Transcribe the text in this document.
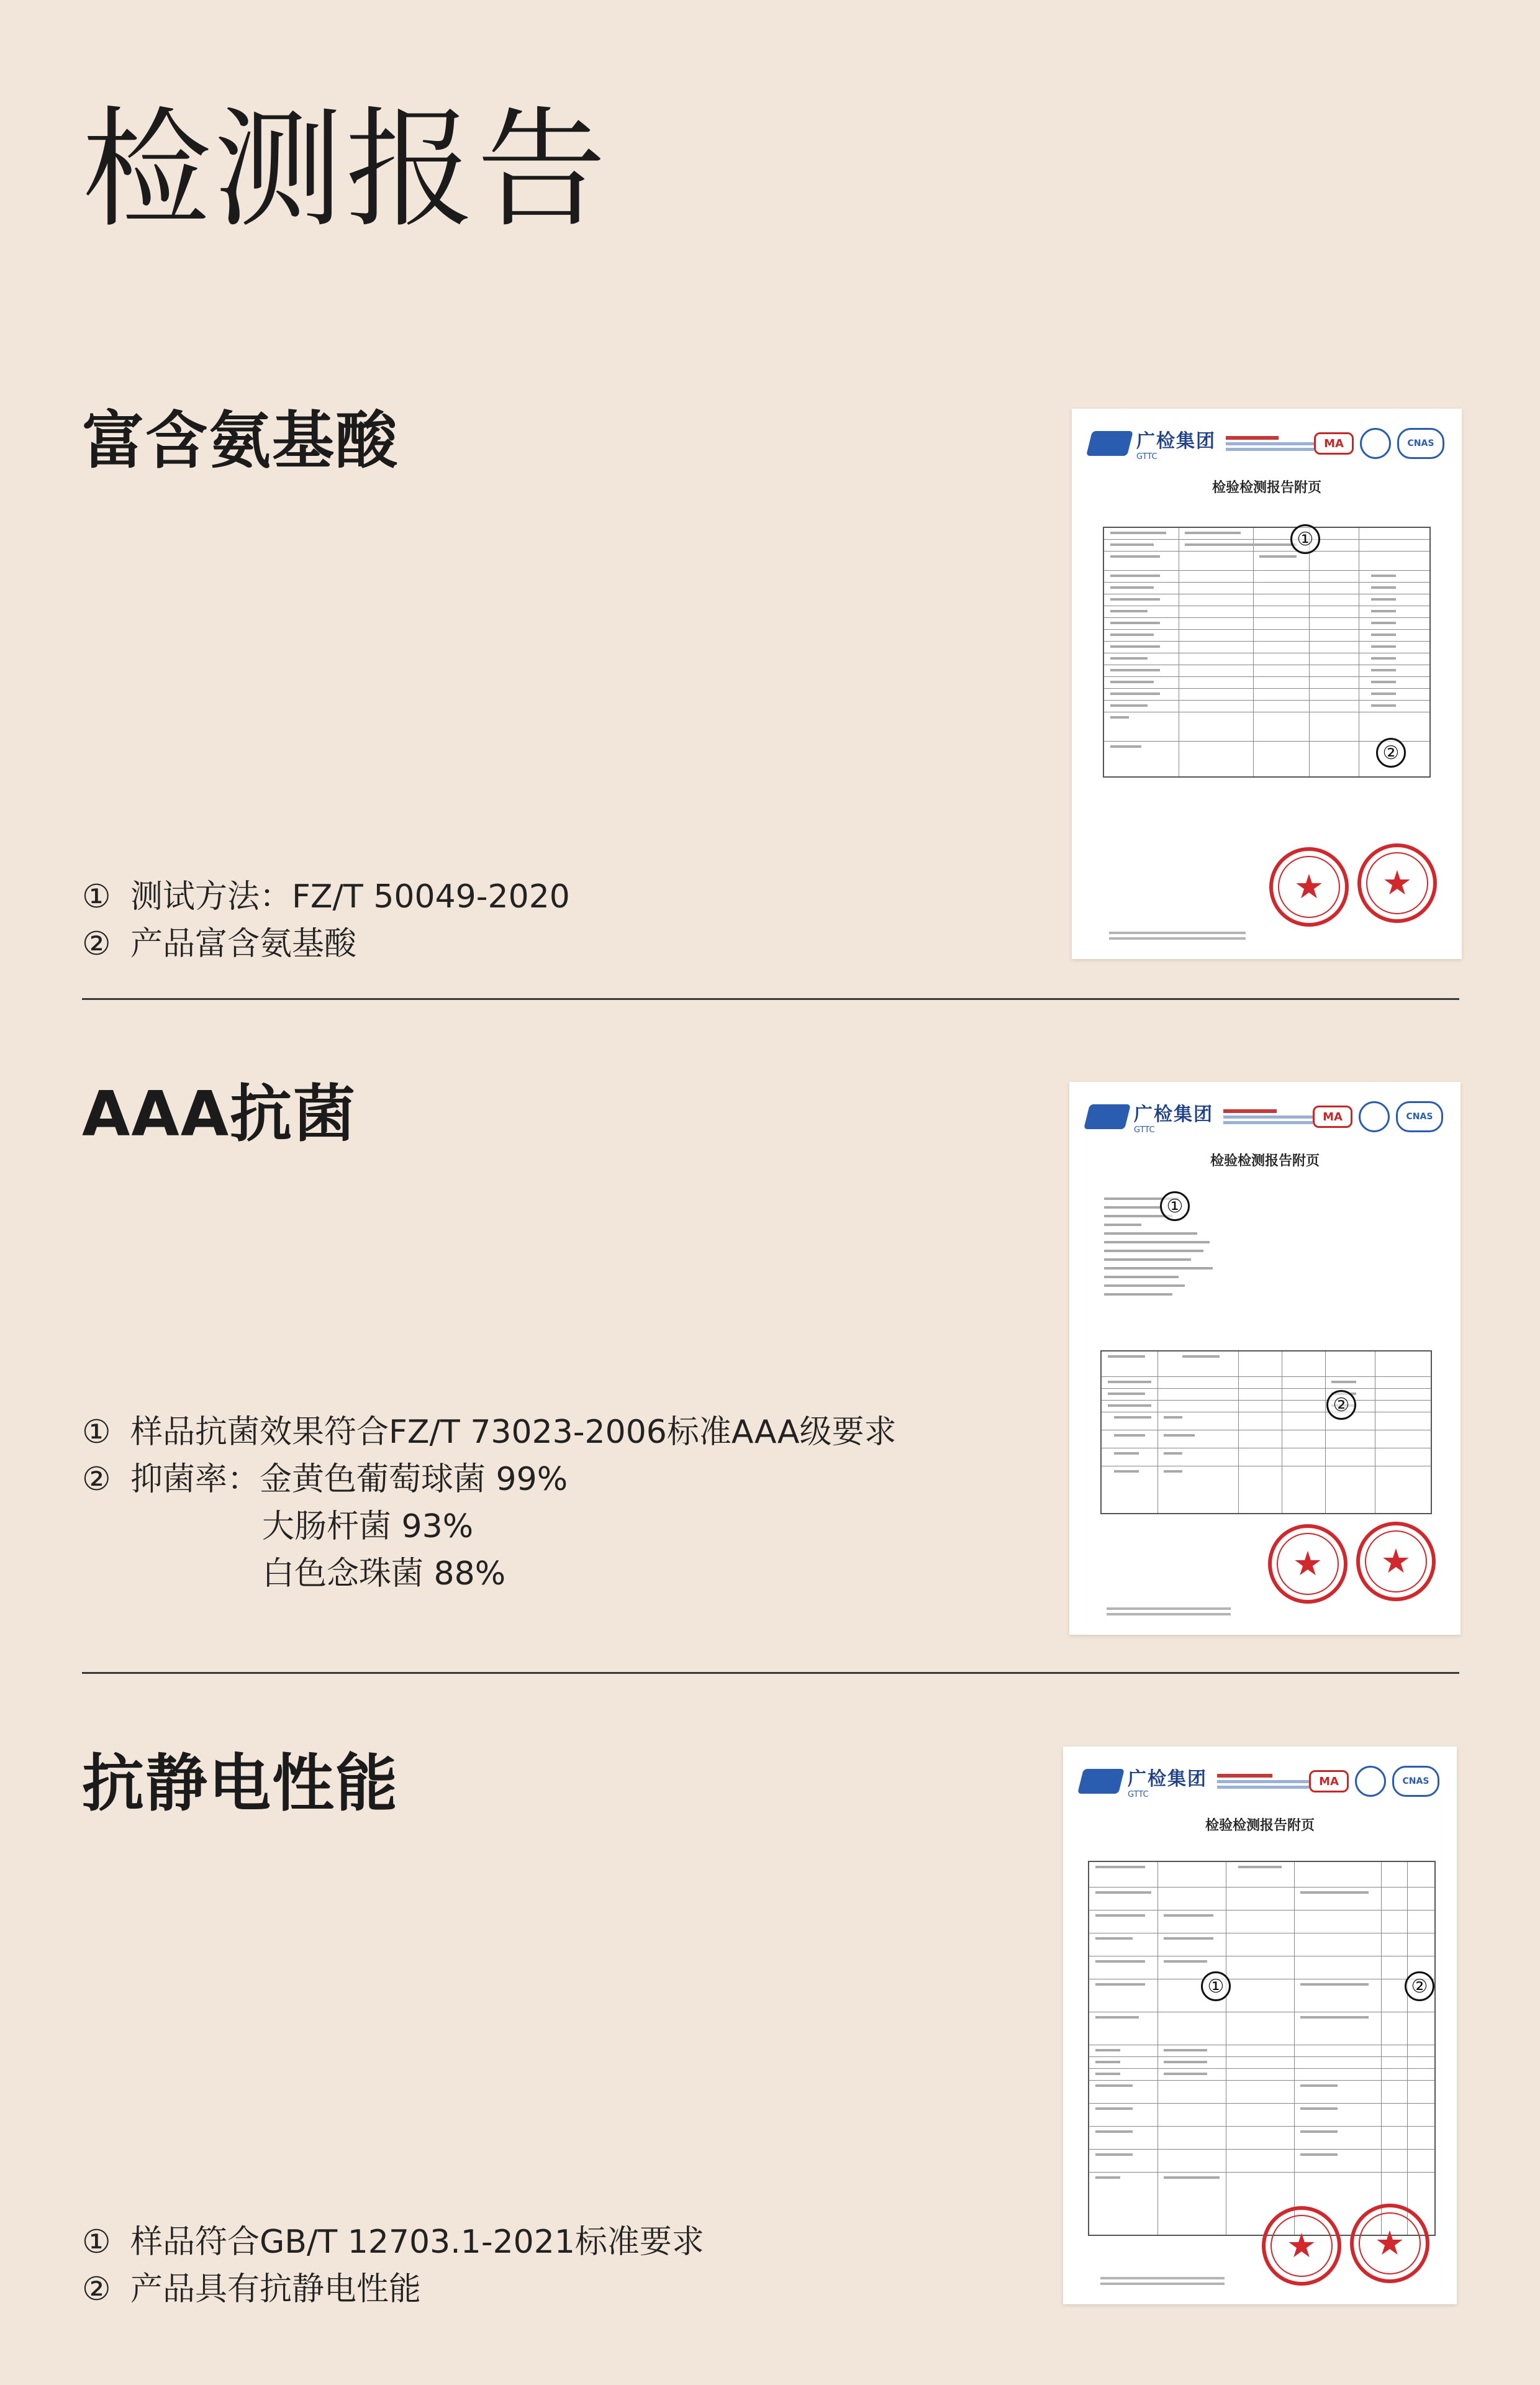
检测报告
富含氨基酸
① 测试方法：FZ/T 50049-2020
② 产品富含氨基酸
广检集团
GTTC
MA	CNAS
检验检测报告附页
①
②
★ ★
AAA抗菌
① 样品抗菌效果符合FZ/T 73023-2006标准AAA级要求
② 抑菌率：金黄色葡萄球菌 99%
大肠杆菌 93%
白色念珠菌 88%
广检集团
GTTC
MA	CNAS
检验检测报告附页
①
②
★ ★
抗静电性能
① 样品符合GB/T 12703.1-2021标准要求
② 产品具有抗静电性能
广检集团
GTTC
MA	CNAS
检验检测报告附页
①	②
★ ★
